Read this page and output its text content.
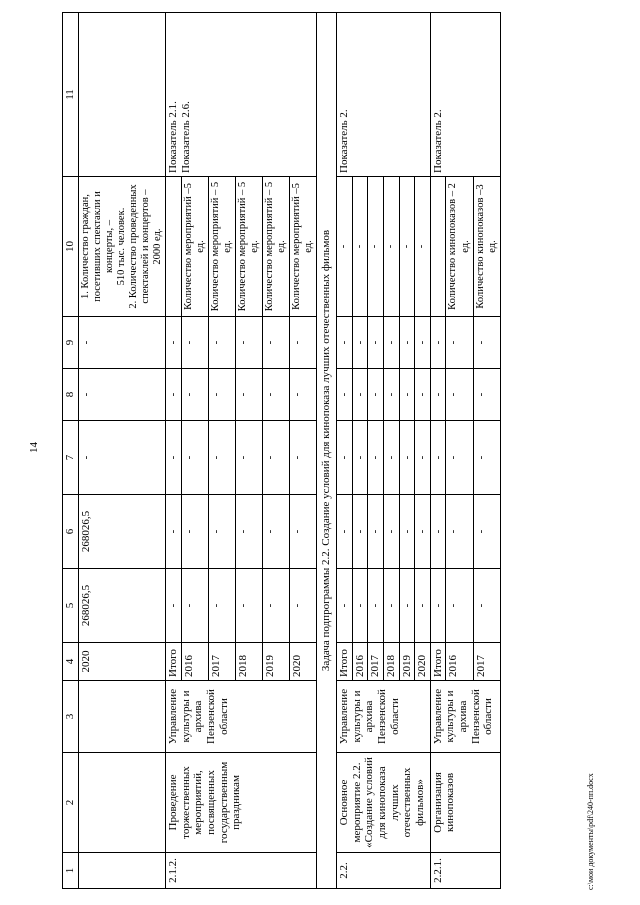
14
1	2	3	4	5	6	7	8	9	10	11
			2020	268026,5	268026,5	-	-	-	1. Количество граждан, посетивших спектакли и концерты, – 510 тыс. человек. 2. Количество проведенных спектаклей и концертов – 2000 ед.	

2.1.2.	Проведение торжественных мероприятий, посвященных государственным праздникам	Управление культуры и архива Пензенской области	Итого	-	-	-	-	-		Показатель 2.1.
Показатель 2.6.
			2016	-	-	-	-	-	Количество мероприятий –5 ед.	
			2017	-	-	-	-	-	Количество мероприятий – 5 ед.	
			2018	-	-	-	-	-	Количество мероприятий – 5 ед.	
			2019	-	-	-	-	-	Количество мероприятий – 5 ед.	
			2020	-	-	-	-	-	Количество мероприятий –5 ед.	
Задача подпрограммы 2.2. Создание условий для кинопоказа лучших отечественных фильмов										
2.2.	Основное мероприятие 2.2. «Создание условий для кинопоказа лучших отечественных фильмов»	Управление культуры и архива Пензенской области	Итого	-	-	-	-	-	-	Показатель 2.
			2016	-	-	-	-	-	-	
			2017	-	-	-	-	-	-	
			2018	-	-	-	-	-	-	
			2019	-	-	-	-	-	-	
			2020	-	-	-	-	-	-	
2.2.1.	Организация кинопоказов	Управление культуры и архива Пензенской области	Итого	-	-	-	-	-		Показатель 2.
			2016	-	-	-	-	-	Количество кинопоказов – 2 ед.	
			2017	-	-	-	-	-	Количество кинопоказов –3 ед.	
c:\мои документы\pdf\240-пп.docx
